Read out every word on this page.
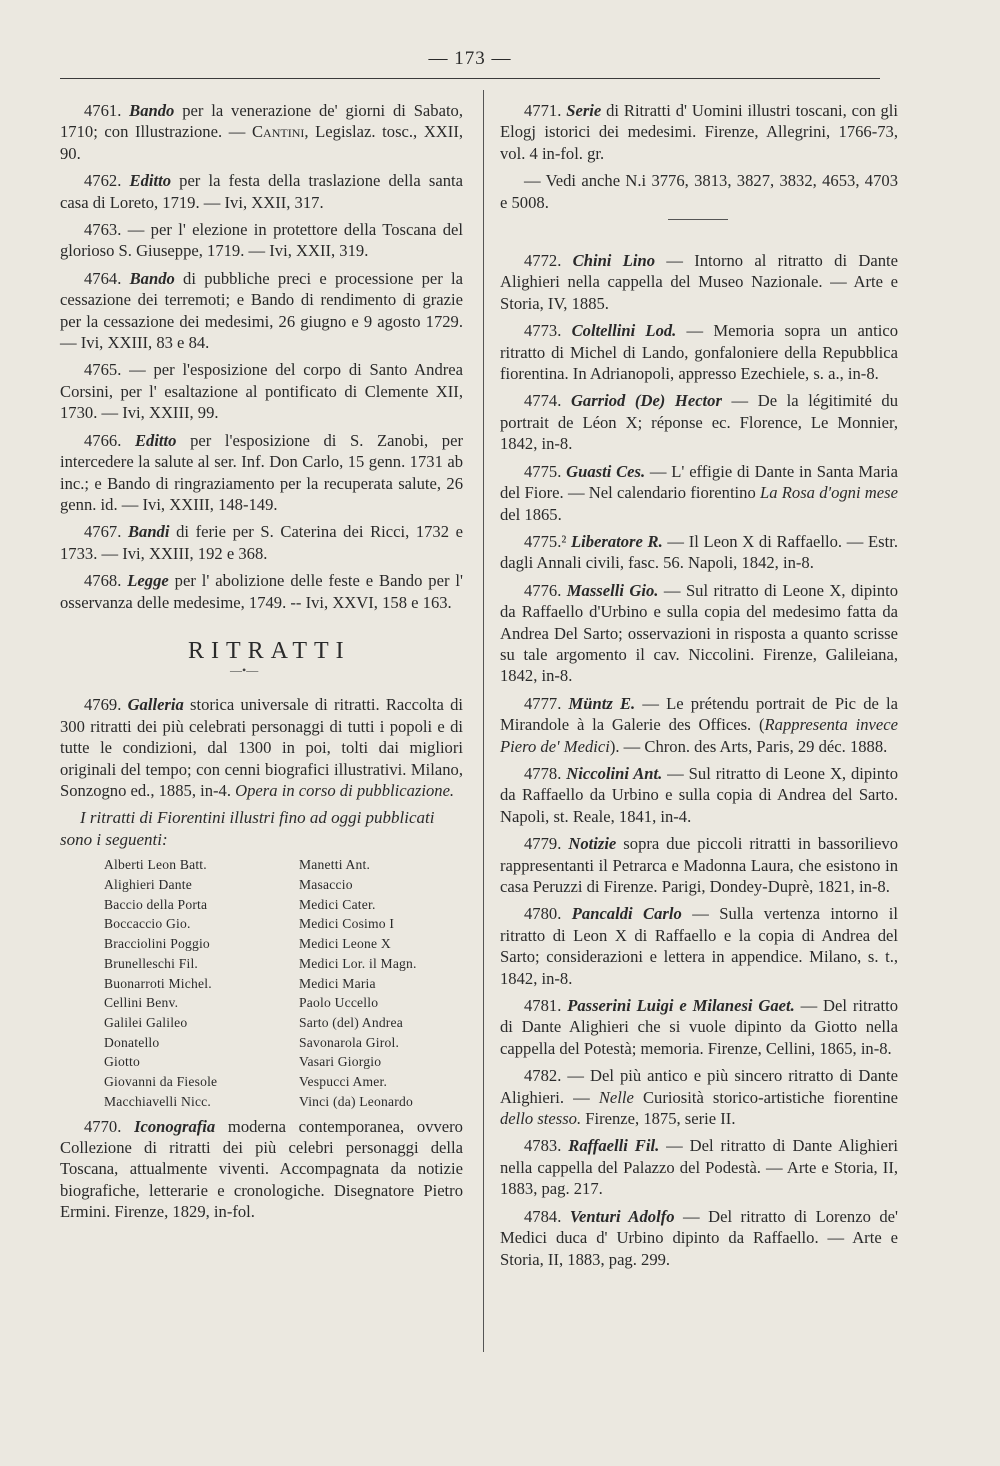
— 173 —

4761. Bando per la venerazione de' giorni di Sabato, 1710; con Illustrazione. — Cantini, Legislaz. tosc., XXII, 90.

4762. Editto per la festa della traslazione della santa casa di Loreto, 1719. — Ivi, XXII, 317.

4763. — per l' elezione in protettore della Toscana del glorioso S. Giuseppe, 1719. — Ivi, XXII, 319.

4764. Bando di pubbliche preci e processione per la cessazione dei terremoti; e Bando di rendimento di grazie per la cessazione dei medesimi, 26 giugno e 9 agosto 1729. — Ivi, XXIII, 83 e 84.

4765. — per l'esposizione del corpo di Santo Andrea Corsini, per l' esaltazione al pontificato di Clemente XII, 1730. — Ivi, XXIII, 99.

4766. Editto per l'esposizione di S. Zanobi, per intercedere la salute al ser. Inf. Don Carlo, 15 genn. 1731 ab inc.; e Bando di ringraziamento per la recuperata salute, 26 genn. id. — Ivi, XXIII, 148-149.

4767. Bandi di ferie per S. Caterina dei Ricci, 1732 e 1733. — Ivi, XXIII, 192 e 368.

4768. Legge per l' abolizione delle feste e Bando per l' osservanza delle medesime, 1749. -- Ivi, XXVI, 158 e 163.

RITRATTI
—•—

4769. Galleria storica universale di ritratti. Raccolta di 300 ritratti dei più celebrati personaggi di tutti i popoli e di tutte le condizioni, dal 1300 in poi, tolti dai migliori originali del tempo; con cenni biografici illustrativi. Milano, Sonzogno ed., 1885, in-4. Opera in corso di pubblicazione.

I ritratti di Fiorentini illustri fino ad oggi pubblicati sono i seguenti:

Alberti Leon Batt.	Manetti Ant.
Alighieri Dante	Masaccio
Baccio della Porta	Medici Cater.
Boccaccio Gio.	Medici Cosimo I
Bracciolini Poggio	Medici Leone X
Brunelleschi Fil.	Medici Lor. il Magn.
Buonarroti Michel.	Medici Maria
Cellini Benv.	Paolo Uccello
Galilei Galileo	Sarto (del) Andrea
Donatello	Savonarola Girol.
Giotto	Vasari Giorgio
Giovanni da Fiesole	Vespucci Amer.
Macchiavelli Nicc.	Vinci (da) Leonardo

4770. Iconografia moderna contemporanea, ovvero Collezione di ritratti dei più celebri personaggi della Toscana, attualmente viventi. Accompagnata da notizie biografiche, letterarie e cronologiche. Disegnatore Pietro Ermini. Firenze, 1829, in-fol.

4771. Serie di Ritratti d' Uomini illustri toscani, con gli Elogj istorici dei medesimi. Firenze, Allegrini, 1766-73, vol. 4 in-fol. gr.

— Vedi anche N.i 3776, 3813, 3827, 3832, 4653, 4703 e 5008.

4772. Chini Lino — Intorno al ritratto di Dante Alighieri nella cappella del Museo Nazionale. — Arte e Storia, IV, 1885.

4773. Coltellini Lod. — Memoria sopra un antico ritratto di Michel di Lando, gonfaloniere della Repubblica fiorentina. In Adrianopoli, appresso Ezechiele, s. a., in-8.

4774. Garriod (De) Hector — De la légitimité du portrait de Léon X; réponse ec. Florence, Le Monnier, 1842, in-8.

4775. Guasti Ces. — L' effigie di Dante in Santa Maria del Fiore. — Nel calendario fiorentino La Rosa d'ogni mese del 1865.

4775.² Liberatore R. — Il Leon X di Raffaello. — Estr. dagli Annali civili, fasc. 56. Napoli, 1842, in-8.

4776. Masselli Gio. — Sul ritratto di Leone X, dipinto da Raffaello d'Urbino e sulla copia del medesimo fatta da Andrea Del Sarto; osservazioni in risposta a quanto scrisse su tale argomento il cav. Niccolini. Firenze, Galileiana, 1842, in-8.

4777. Müntz E. — Le prétendu portrait de Pic de la Mirandole à la Galerie des Offices. (Rappresenta invece Piero de' Medici). — Chron. des Arts, Paris, 29 déc. 1888.

4778. Niccolini Ant. — Sul ritratto di Leone X, dipinto da Raffaello da Urbino e sulla copia di Andrea del Sarto. Napoli, st. Reale, 1841, in-4.

4779. Notizie sopra due piccoli ritratti in bassorilievo rappresentanti il Petrarca e Madonna Laura, che esistono in casa Peruzzi di Firenze. Parigi, Dondey-Duprè, 1821, in-8.

4780. Pancaldi Carlo — Sulla vertenza intorno il ritratto di Leon X di Raffaello e la copia di Andrea del Sarto; considerazioni e lettera in appendice. Milano, s. t., 1842, in-8.

4781. Passerini Luigi e Milanesi Gaet. — Del ritratto di Dante Alighieri che si vuole dipinto da Giotto nella cappella del Potestà; memoria. Firenze, Cellini, 1865, in-8.

4782. — Del più antico e più sincero ritratto di Dante Alighieri. — Nelle Curiosità storico-artistiche fiorentine dello stesso. Firenze, 1875, serie II.

4783. Raffaelli Fil. — Del ritratto di Dante Alighieri nella cappella del Palazzo del Podestà. — Arte e Storia, II, 1883, pag. 217.

4784. Venturi Adolfo — Del ritratto di Lorenzo de' Medici duca d' Urbino dipinto da Raffaello. — Arte e Storia, II, 1883, pag. 299.
